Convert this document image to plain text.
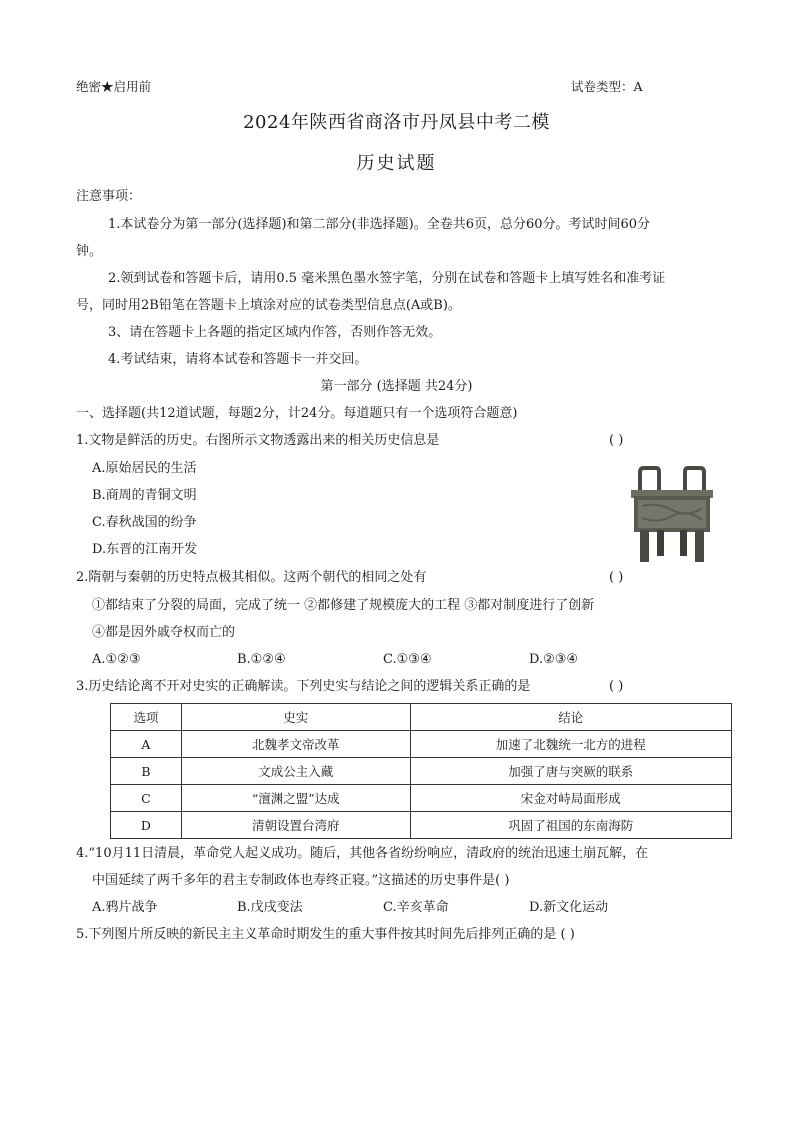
绝密★启用前	试卷类型：A
2024年陕西省商洛市丹凤县中考二模
历史试题
注意事项：
1.本试卷分为第一部分(选择题)和第二部分(非选择题)。全卷共6页，总分60分。考试时间60分
钟。
2.领到试卷和答题卡后，请用0.5 毫米黑色墨水签字笔，分别在试卷和答题卡上填写姓名和准考证
号，同时用2B铅笔在答题卡上填涂对应的试卷类型信息点(A或B)。
3、请在答题卡上各题的指定区域内作答，否则作答无效。
4.考试结束，请将本试卷和答题卡一并交回。
第一部分 (选择题 共24分)
一、选择题(共12道试题，每题2分，计24分。每道题只有一个选项符合题意)
1.文物是鲜活的历史。右图所示文物透露出来的相关历史信息是	( )
A.原始居民的生活
B.商周的青铜文明
C.春秋战国的纷争
D.东晋的江南开发
2.隋朝与秦朝的历史特点极其相似。这两个朝代的相同之处有	( )
①都结束了分裂的局面，完成了统一 ②都修建了规模庞大的工程 ③都对制度进行了创新
④都是因外戚夺权而亡的
A.①②③	B.①②④	C.①③④	D.②③④
3.历史结论离不开对史实的正确解读。下列史实与结论之间的逻辑关系正确的是	( )
选项	史实	结论
A	北魏孝文帝改革	加速了北魏统一北方的进程
B	文成公主入藏	加强了唐与突厥的联系
C	“澶渊之盟”达成	宋金对峙局面形成
D	清朝设置台湾府	巩固了祖国的东南海防
4.“10月11日清晨，革命党人起义成功。随后，其他各省纷纷响应，清政府的统治迅速土崩瓦解，在
中国延续了两千多年的君主专制政体也寿终正寝。”这描述的历史事件是( )
A.鸦片战争	B.戊戌变法	C.辛亥革命	D.新文化运动
5.下列图片所反映的新民主主义革命时期发生的重大事件按其时间先后排列正确的是 ( )
